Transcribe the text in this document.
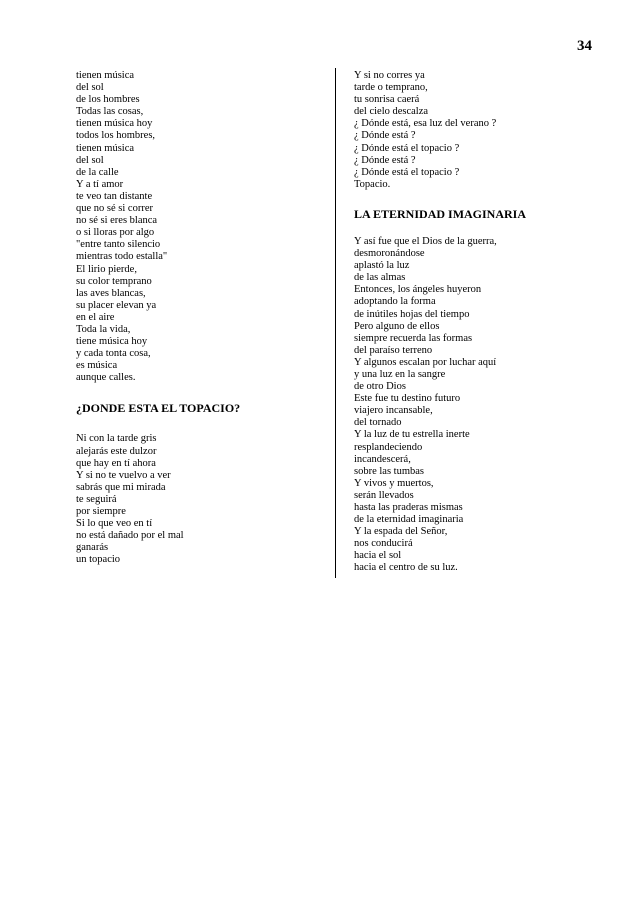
34
tienen música
del sol
de los hombres
Todas las cosas,
tienen música hoy
todos los hombres,
tienen música
del sol
de la calle
Y a tí amor
te veo tan distante
que no sé si correr
no sé si eres blanca
o si lloras por algo
"entre tanto silencio
mientras todo estalla"
El lirio pierde,
su color temprano
las aves blancas,
su placer elevan ya
en el aire
Toda la vida,
tiene música hoy
y cada tonta cosa,
es música
aunque calles.
¿DONDE ESTA EL TOPACIO?
Ni con la tarde gris
alejarás este dulzor
que hay en tí ahora
Y si no te vuelvo a ver
sabrás que mi mirada
te seguirá
por siempre
Si lo que veo en tí
no está dañado por el mal
ganarás
un topacio
Y si no corres ya
tarde o temprano,
tu sonrisa caerá
del cielo descalza
¿ Dónde está, esa luz del verano ?
¿ Dónde está ?
¿ Dónde está el topacio ?
¿ Dónde está ?
¿ Dónde está el topacio ?
Topacio.
LA ETERNIDAD IMAGINARIA
Y así fue que el Dios de la guerra,
desmoronándose
aplastó la luz
de las almas
Entonces, los ángeles huyeron
adoptando la forma
de inútiles hojas del tiempo
Pero alguno de ellos
siempre recuerda las formas
del paraíso terreno
Y algunos escalan por luchar aquí
y una luz en la sangre
de otro Dios
Este fue tu destino futuro
viajero incansable,
del tornado
Y la luz de tu estrella inerte
resplandeciendo
incandescerá,
sobre las tumbas
Y vivos y muertos,
serán llevados
hasta las praderas mismas
de la eternidad imaginaria
Y la espada del Señor,
nos conducirá
hacia el sol
hacia el centro de su luz.
